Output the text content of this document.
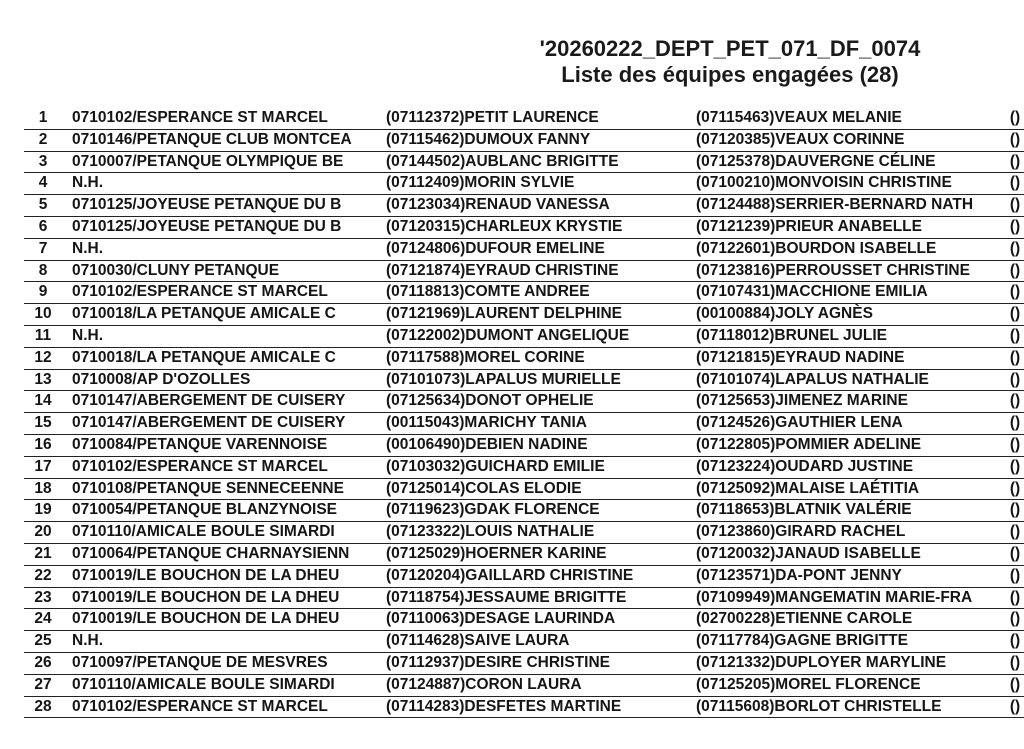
'20260222_DEPT_PET_071_DF_0074
Liste des équipes engagées (28)
1	0710102/ESPERANCE ST MARCEL	(07112372)PETIT LAURENCE	(07115463)VEAUX MELANIE	()
2	0710146/PETANQUE CLUB MONTCEA	(07115462)DUMOUX FANNY	(07120385)VEAUX CORINNE	()
3	0710007/PETANQUE OLYMPIQUE BE	(07144502)AUBLANC BRIGITTE	(07125378)DAUVERGNE CÉLINE	()
4	N.H.	(07112409)MORIN SYLVIE	(07100210)MONVOISIN CHRISTINE	()
5	0710125/JOYEUSE PETANQUE DU B	(07123034)RENAUD VANESSA	(07124488)SERRIER-BERNARD NATH	()
6	0710125/JOYEUSE PETANQUE DU B	(07120315)CHARLEUX KRYSTIE	(07121239)PRIEUR ANABELLE	()
7	N.H.	(07124806)DUFOUR EMELINE	(07122601)BOURDON ISABELLE	()
8	0710030/CLUNY PETANQUE	(07121874)EYRAUD CHRISTINE	(07123816)PERROUSSET CHRISTINE	()
9	0710102/ESPERANCE ST MARCEL	(07118813)COMTE ANDREE	(07107431)MACCHIONE EMILIA	()
10	0710018/LA PETANQUE AMICALE C	(07121969)LAURENT DELPHINE	(00100884)JOLY AGNÈS	()
11	N.H.	(07122002)DUMONT ANGELIQUE	(07118012)BRUNEL JULIE	()
12	0710018/LA PETANQUE AMICALE C	(07117588)MOREL CORINE	(07121815)EYRAUD NADINE	()
13	0710008/AP D'OZOLLES	(07101073)LAPALUS MURIELLE	(07101074)LAPALUS NATHALIE	()
14	0710147/ABERGEMENT DE CUISERY	(07125634)DONOT OPHELIE	(07125653)JIMENEZ MARINE	()
15	0710147/ABERGEMENT DE CUISERY	(00115043)MARICHY TANIA	(07124526)GAUTHIER LENA	()
16	0710084/PETANQUE VARENNOISE	(00106490)DEBIEN NADINE	(07122805)POMMIER ADELINE	()
17	0710102/ESPERANCE ST MARCEL	(07103032)GUICHARD EMILIE	(07123224)OUDARD JUSTINE	()
18	0710108/PETANQUE SENNECEENNE	(07125014)COLAS ELODIE	(07125092)MALAISE LAÉTITIA	()
19	0710054/PETANQUE BLANZYNOISE	(07119623)GDAK FLORENCE	(07118653)BLATNIK VALÉRIE	()
20	0710110/AMICALE BOULE SIMARDI	(07123322)LOUIS NATHALIE	(07123860)GIRARD RACHEL	()
21	0710064/PETANQUE CHARNAYSIENN	(07125029)HOERNER KARINE	(07120032)JANAUD ISABELLE	()
22	0710019/LE BOUCHON DE LA DHEU	(07120204)GAILLARD CHRISTINE	(07123571)DA-PONT JENNY	()
23	0710019/LE BOUCHON DE LA DHEU	(07118754)JESSAUME BRIGITTE	(07109949)MANGEMATIN MARIE-FRA	()
24	0710019/LE BOUCHON DE LA DHEU	(07110063)DESAGE LAURINDA	(02700228)ETIENNE CAROLE	()
25	N.H.	(07114628)SAIVE LAURA	(07117784)GAGNE BRIGITTE	()
26	0710097/PETANQUE DE MESVRES	(07112937)DESIRE CHRISTINE	(07121332)DUPLOYER MARYLINE	()
27	0710110/AMICALE BOULE SIMARDI	(07124887)CORON LAURA	(07125205)MOREL FLORENCE	()
28	0710102/ESPERANCE ST MARCEL	(07114283)DESFETES MARTINE	(07115608)BORLOT CHRISTELLE	()
